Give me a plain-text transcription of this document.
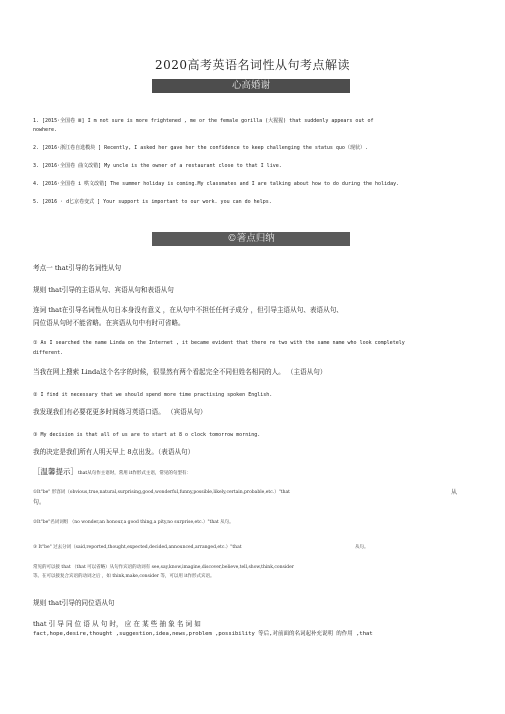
2020高考英语名词性从句考点解读
心高婚谢
1. [2015·全国卷 Ⅲ] I m not sure is more frightened , me or the female gorilla (大猩猩) that suddenly appears out of
nowhere.
2. [2016·浙江卷自选模块 ] Recently, I asked her gave her the confidence to keep challenging the status quo（现状）.
3. [2016·全国卷 曲文改错] My uncle is the owner of a restaurant close to that I live.
4. [2016·全国卷 i 哄文改错] The summer holiday is coming.My classmates and I are talking about how to do during the holiday.
5. [2016 · d匕京卷变式 ] Your support is important to our work. you can do helps.
©箸点归纳
考点一 that引导的名词性从句
规则 that引导的主语从句、宾语从句和表语从句
连词 that在引导名词性从句日本身没有意义 ，在从句中不担任任何子成分 ，但引导主语从句、表语从句、
同位语从句时不能省略。在宾语从句中有时可省略。
① As I searched the name Linda on the Internet , it became evident that there re two with the same name who look completely
different.
当我在网上搜索 Linda这个名字的时候，很显然有两个看起完全不同但姓名相同的人。 （主语从句）
② I find it necessary that we should spend more time practising spoken English.
我发现我们有必要花更多时间练习英语口语。 （宾语从句）
③ My decision is that all of us are to start at 8 o clock tomorrow morning.
我的决定是我们所有人明天早上 8点出发。（表语从句）
［温馨提示］that从句作主语时，常用 it作形式主语，常见的句型有：
①It"be" 形容词（obvious,true,natural,surprising,good,wonderful,funny,possible,likely,certain,probable,etc.）"that	从
句。
②It"be"名词词组 （no wonder,an honour,a good thing,a pity,no surprise,etc.）"that 从句。
③ It"be" 过去分词（said,reported,thought,expected,decided,announced,arranged,etc.）"that	从句。
常见的可以接 that （that 可以省略）从句作宾语的动词有 see,say,know,imagine,discover,believe,tell,show,think,consider
等。在可以接复合宾语的动词之后 ，如 think,make,consider 等，可以用 it作形式宾语。
规则 that引导的同位语从句
that 引 导 同 位 语 从 句 时， 应 在 某 些 抽 象 名 词 如
fact,hope,desire,thought ,suggestion,idea,news,problem ,possibility 等后,对前面的名词起补充说明 的作用 ,that
